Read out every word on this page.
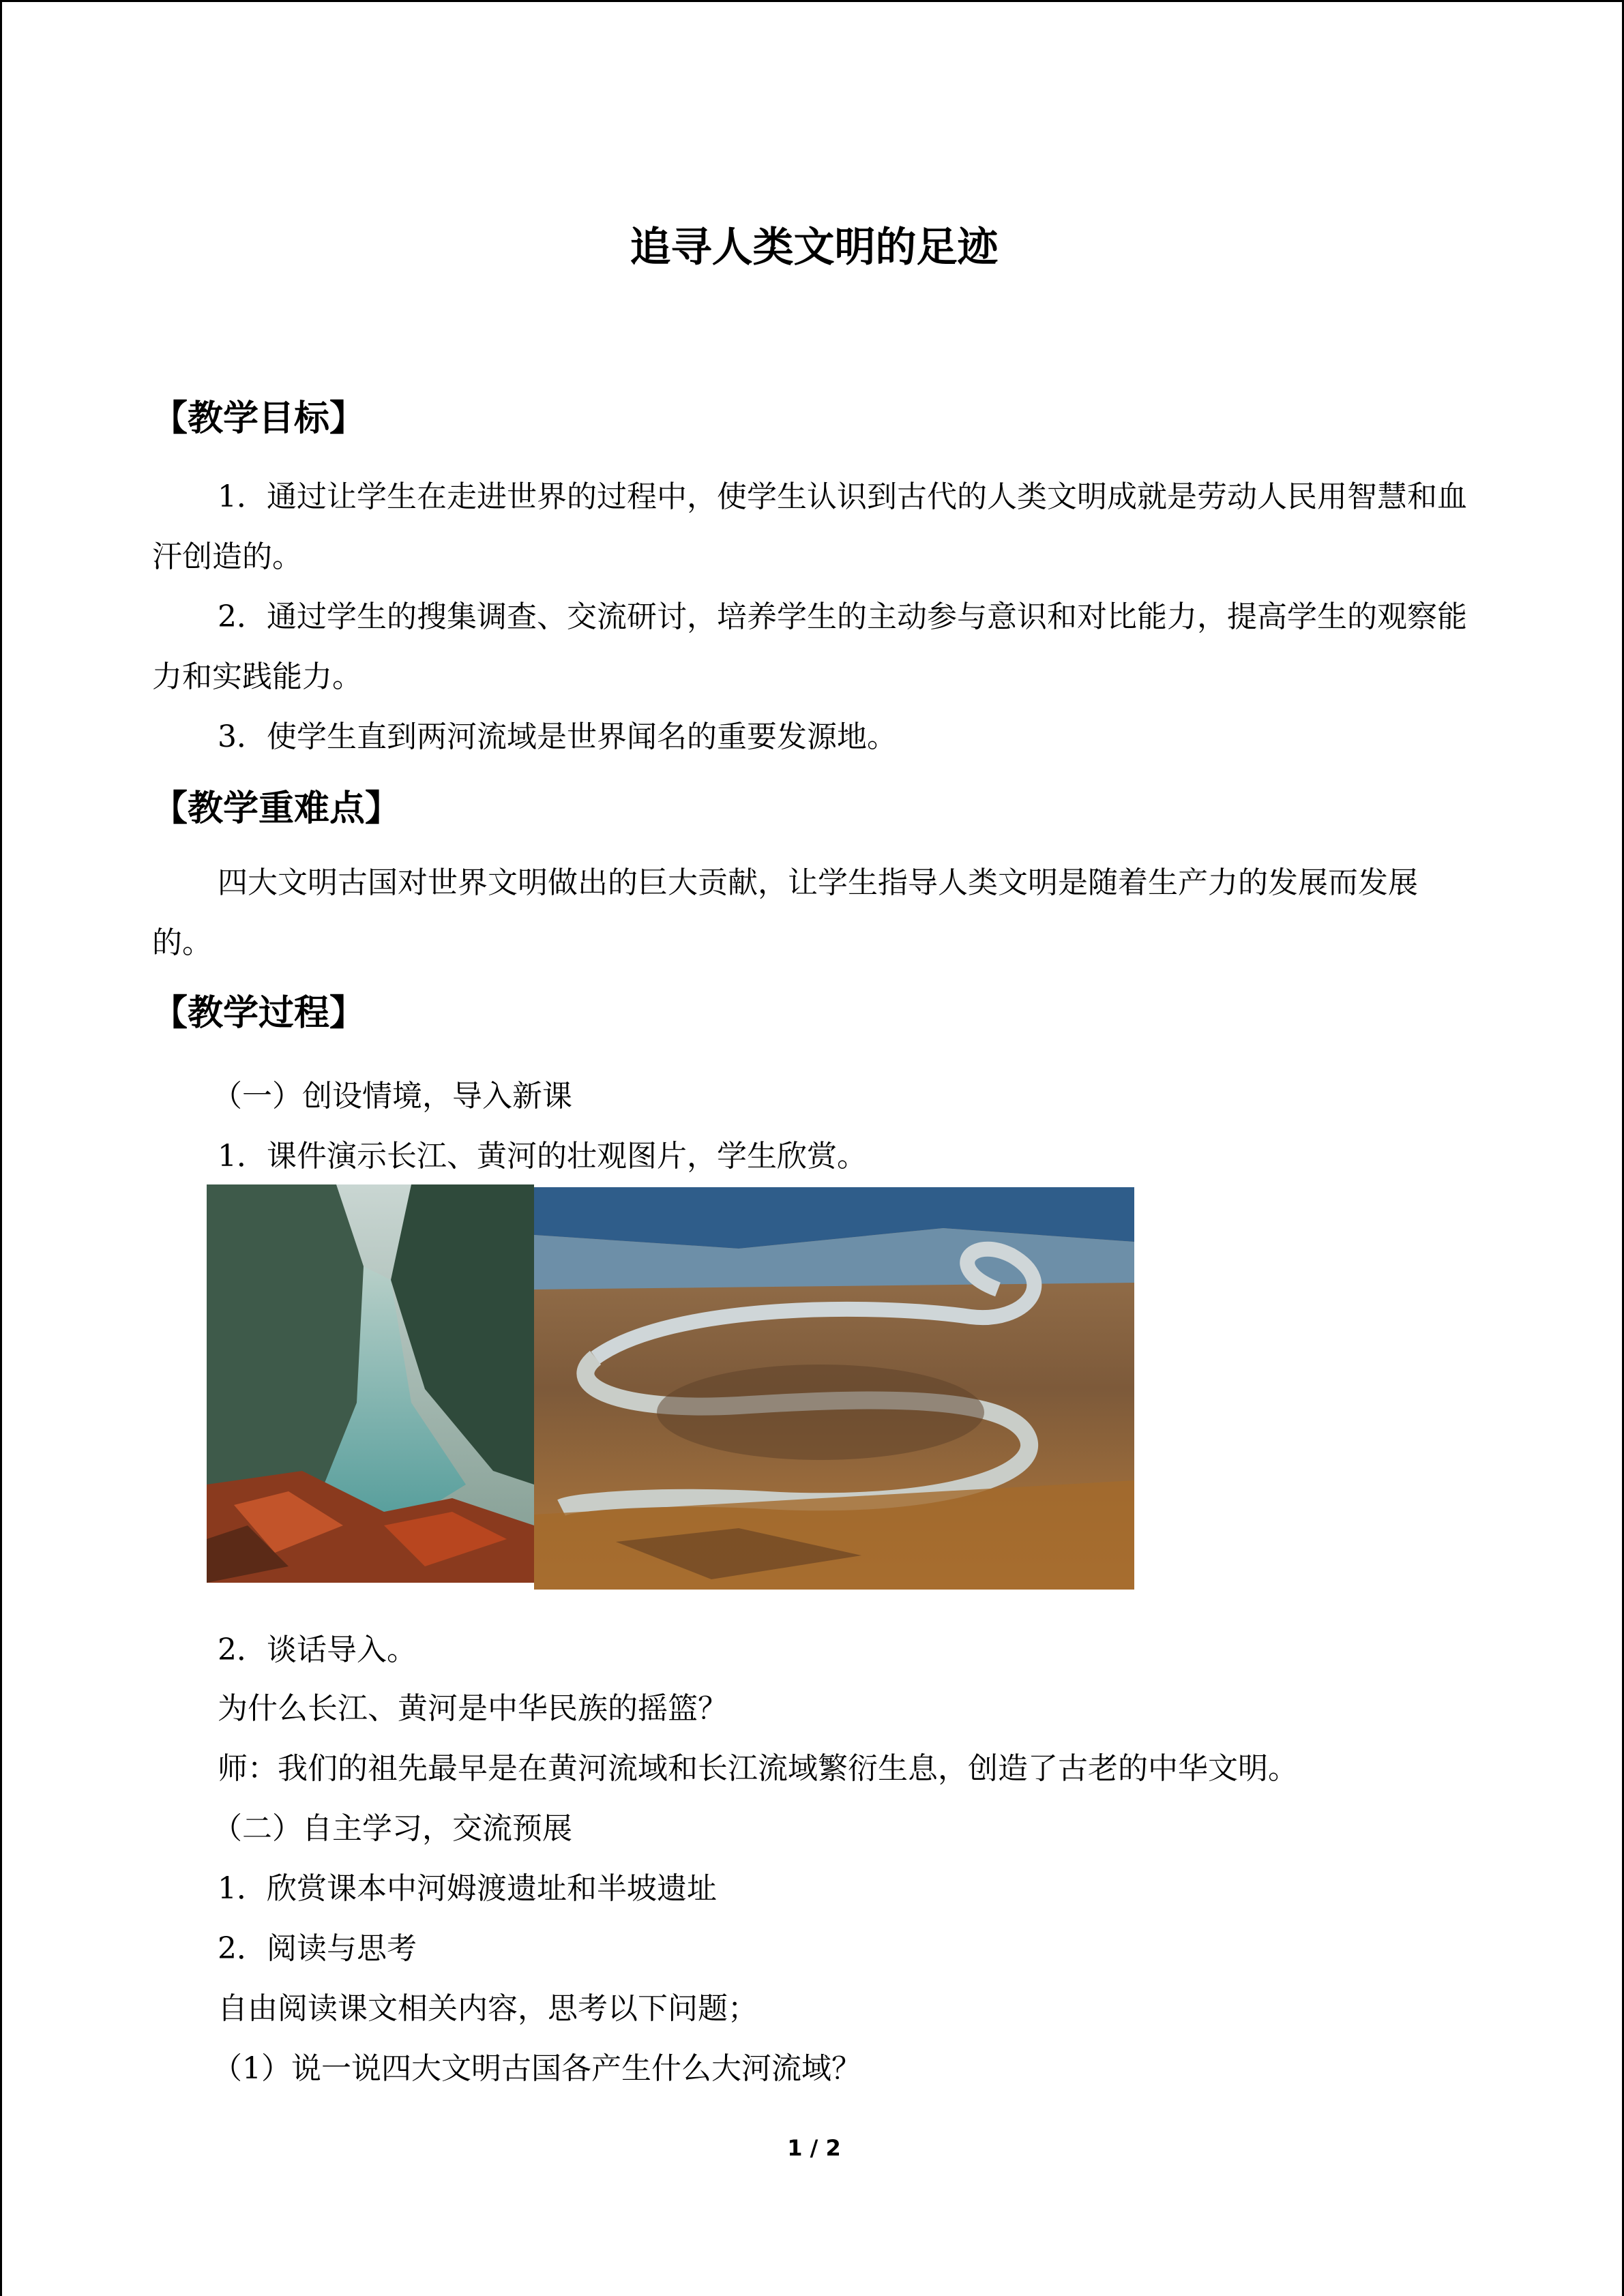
追寻人类文明的足迹
【教学目标】
1．通过让学生在走进世界的过程中，使学生认识到古代的人类文明成就是劳动人民用智慧和血汗创造的。
2．通过学生的搜集调查、交流研讨，培养学生的主动参与意识和对比能力，提高学生的观察能力和实践能力。
3．使学生直到两河流域是世界闻名的重要发源地。
【教学重难点】
四大文明古国对世界文明做出的巨大贡献，让学生指导人类文明是随着生产力的发展而发展的。
【教学过程】
（一）创设情境，导入新课
1．课件演示长江、黄河的壮观图片，学生欣赏。
2．谈话导入。
为什么长江、黄河是中华民族的摇篮？
师：我们的祖先最早是在黄河流域和长江流域繁衍生息，创造了古老的中华文明。
（二）自主学习，交流预展
1．欣赏课本中河姆渡遗址和半坡遗址
2．阅读与思考
自由阅读课文相关内容，思考以下问题；
（1）说一说四大文明古国各产生什么大河流域？
1 / 2
